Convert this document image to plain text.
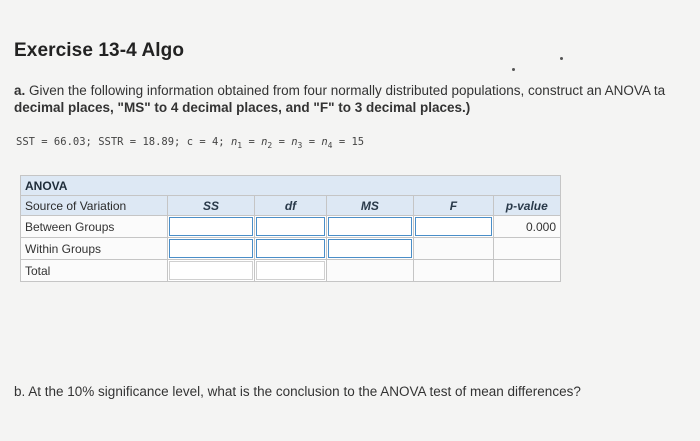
Exercise 13-4 Algo
a. Given the following information obtained from four normally distributed populations, construct an ANOVA ta
decimal places, "MS" to 4 decimal places, and "F" to 3 decimal places.)
SST = 66.03; SSTR = 18.89; c = 4; $n_1 = n_2 = n_3 = n_4 = 15$
ANOVA					
Source of Variation	SS	df	MS	F	p-value
Between Groups					0.000
Within Groups	

Total	

b. At the 10% significance level, what is the conclusion to the ANOVA test of mean differences?
